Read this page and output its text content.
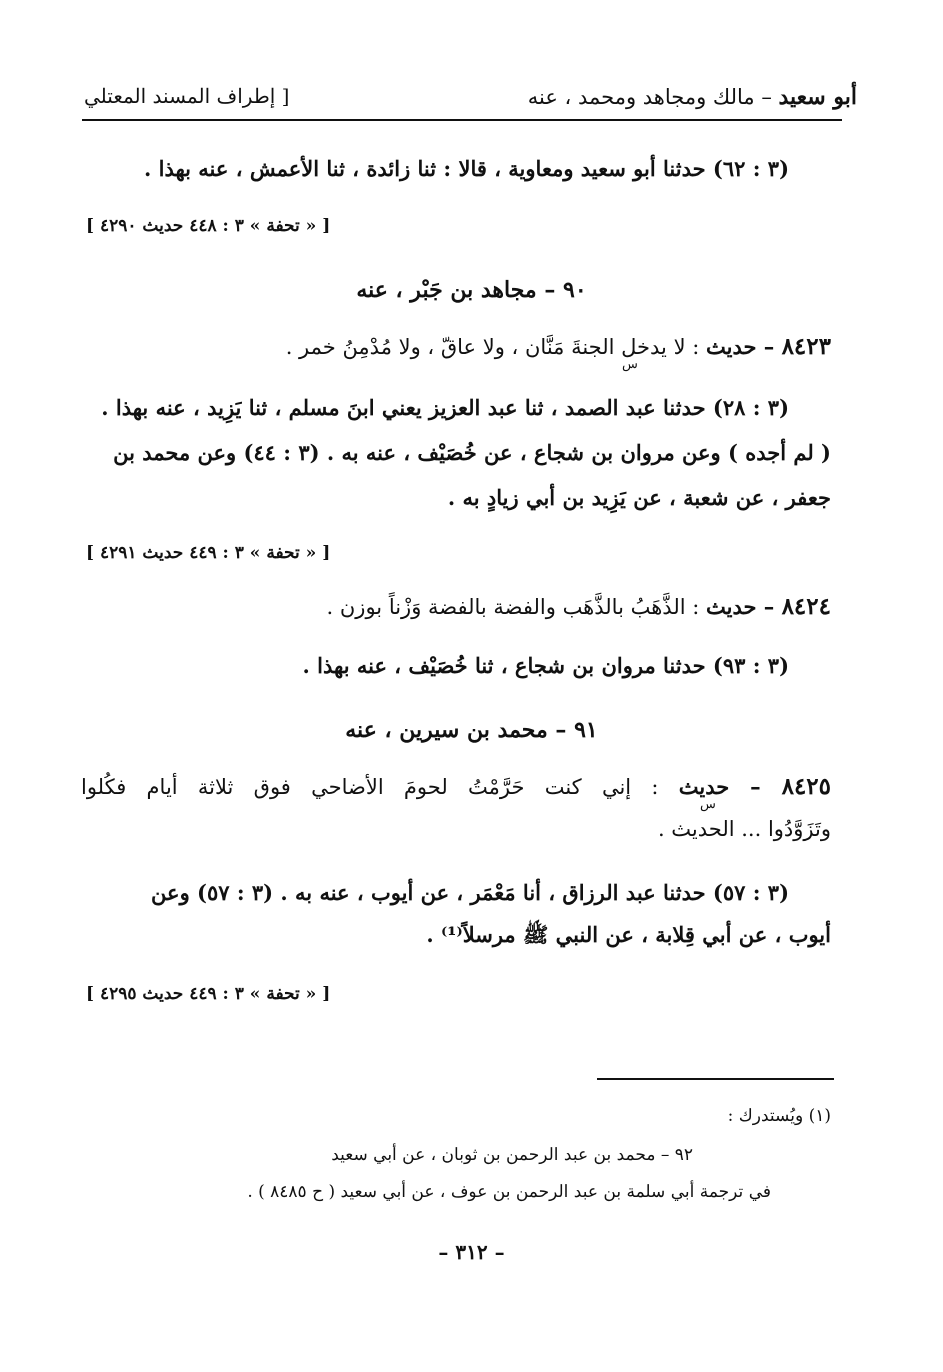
أبو سعيد – مالك ومجاهد ومحمد ، عنه
[ إطراف المسند المعتلي
(٣ : ٦٢) حدثنا أبو سعيد ومعاوية ، قالا : ثنا زائدة ، ثنا الأعمش ، عنه بهذا .
[ « تحفة » ٣ : ٤٤٨ حديث ٤٢٩٠ ]
٩٠ – مجاهد بن جَبْر ، عنه
٨٤٢٣ – حديث : لا يدخل الجنةَ مَنَّان ، ولا عاقّ ، ولا مُدْمِنُ خمر .
س
(٣ : ٢٨) حدثنا عبد الصمد ، ثنا عبد العزيز يعني ابنَ مسلم ، ثنا يَزِيد ، عنه بهذا .
( لم أجده ) وعن مروان بن شجاع ، عن خُصَيْف ، عنه به . (٣ : ٤٤) وعن محمد بن
جعفر ، عن شعبة ، عن يَزِيد بن أبي زيادٍ به .
[ « تحفة » ٣ : ٤٤٩ حديث ٤٢٩١ ]
٨٤٢٤ – حديث : الذَّهَبُ بالذَّهَب والفضة بالفضة وَزْناً بوزن .
(٣ : ٩٣) حدثنا مروان بن شجاع ، ثنا خُصَيْف ، عنه بهذا .
٩١ – محمد بن سيرين ، عنه
٨٤٢٥ – حديث : إني كنت حَرَّمْتُ لحومَ الأضاحي فوق ثلاثة أيام فكُلوا
س
وتَزَوَّدُوا ... الحديث .
(٣ : ٥٧) حدثنا عبد الرزاق ، أنا مَعْمَر ، عن أيوب ، عنه به . (٣ : ٥٧) وعن
أيوب ، عن أبي قِلابة ، عن النبي ﷺ مرسلاً⁽¹⁾ .
[ « تحفة » ٣ : ٤٤٩ حديث ٤٢٩٥ ]
(١) ويُستدرك :
٩٢ – محمد بن عبد الرحمن بن ثوبان ، عن أبي سعيد
في ترجمة أبي سلمة بن عبد الرحمن بن عوف ، عن أبي سعيد ( ح ٨٤٨٥ ) .
– ٣١٢ –
